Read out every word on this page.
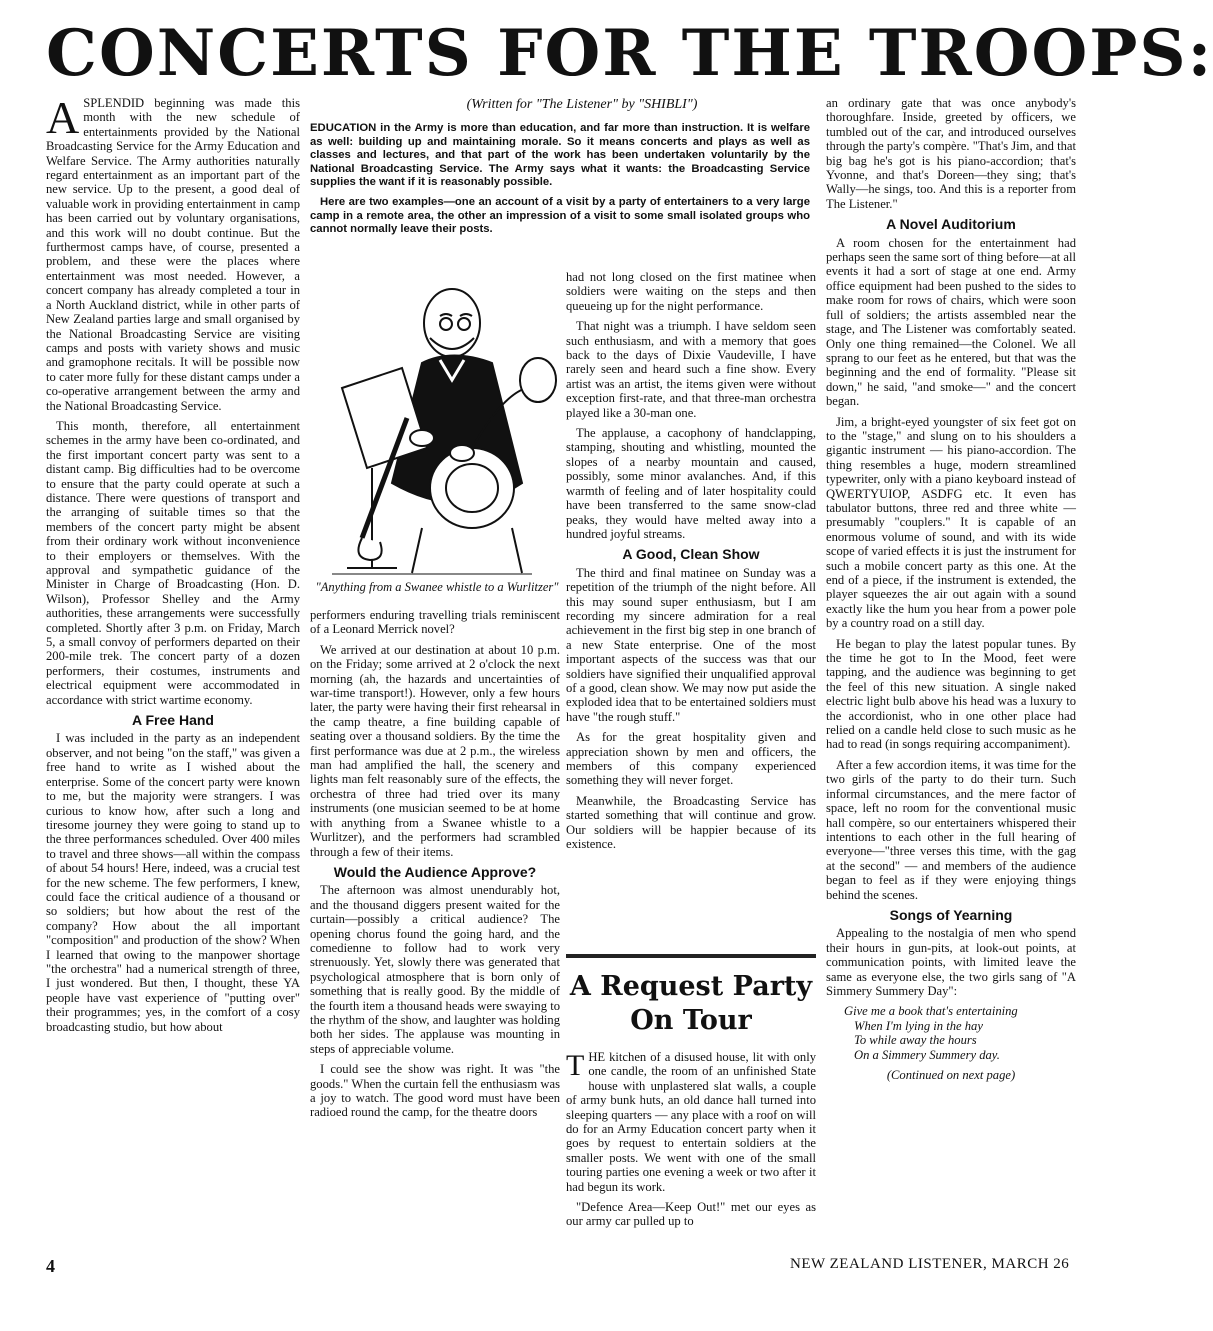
CONCERTS FOR THE TROOPS:
(Written for "The Listener" by "SHIBLI")

EDUCATION in the Army is more than education, and far more than instruction. It is welfare as well: building up and maintaining morale. So it means concerts and plays as well as classes and lectures, and that part of the work has been undertaken voluntarily by the National Broadcasting Service. The Army says what it wants: the Broadcasting Service supplies the want if it is reasonably possible.

Here are two examples—one an account of a visit by a party of entertainers to a very large camp in a remote area, the other an impression of a visit to some small isolated groups who cannot normally leave their posts.

"Anything from a Swanee whistle to a Wurlitzer"

ASPLENDID beginning was made this month with the new schedule of entertainments provided by the National Broadcasting Service for the Army Education and Welfare Service. The Army authorities naturally regard entertainment as an important part of the new service. Up to the present, a good deal of valuable work in providing entertainment in camp has been carried out by voluntary organisations, and this work will no doubt continue. But the furthermost camps have, of course, presented a problem, and these were the places where entertainment was most needed. However, a concert company has already completed a tour in a North Auckland district, while in other parts of New Zealand parties large and small organised by the National Broadcasting Service are visiting camps and posts with variety shows and music and gramophone recitals. It will be possible now to cater more fully for these distant camps under a co-operative arrangement between the army and the National Broadcasting Service.

This month, therefore, all entertainment schemes in the army have been co-ordinated, and the first important concert party was sent to a distant camp. Big difficulties had to be overcome to ensure that the party could operate at such a distance. There were questions of transport and the arranging of suitable times so that the members of the concert party might be absent from their ordinary work without inconvenience to their employers or themselves. With the approval and sympathetic guidance of the Minister in Charge of Broadcasting (Hon. D. Wilson), Professor Shelley and the Army authorities, these arrangements were successfully completed. Shortly after 3 p.m. on Friday, March 5, a small convoy of performers departed on their 200-mile trek. The concert party of a dozen performers, their costumes, instruments and electrical equipment were accommodated in accordance with strict wartime economy.

A Free Hand

I was included in the party as an independent observer, and not being "on the staff," was given a free hand to write as I wished about the enterprise. Some of the concert party were known to me, but the majority were strangers. I was curious to know how, after such a long and tiresome journey they were going to stand up to the three performances scheduled. Over 400 miles to travel and three shows—all within the compass of about 54 hours! Here, indeed, was a crucial test for the new scheme. The few performers, I knew, could face the critical audience of a thousand or so soldiers; but how about the rest of the company? How about the all important "composition" and production of the show? When I learned that owing to the manpower shortage "the orchestra" had a numerical strength of three, I just wondered. But then, I thought, these YA people have vast experience of "putting over" their programmes; yes, in the comfort of a cosy broadcasting studio, but how about

performers enduring travelling trials reminiscent of a Leonard Merrick novel?

We arrived at our destination at about 10 p.m. on the Friday; some arrived at 2 o'clock the next morning (ah, the hazards and uncertainties of war-time transport!). However, only a few hours later, the party were having their first rehearsal in the camp theatre, a fine building capable of seating over a thousand soldiers. By the time the first performance was due at 2 p.m., the wireless man had amplified the hall, the scenery and lights man felt reasonably sure of the effects, the orchestra of three had tried over its many instruments (one musician seemed to be at home with anything from a Swanee whistle to a Wurlitzer), and the performers had scrambled through a few of their items.

Would the Audience Approve?

The afternoon was almost unendurably hot, and the thousand diggers present waited for the curtain—possibly a critical audience? The opening chorus found the going hard, and the comedienne to follow had to work very strenuously. Yet, slowly there was generated that psychological atmosphere that is born only of something that is really good. By the middle of the fourth item a thousand heads were swaying to the rhythm of the show, and laughter was holding both her sides. The applause was mounting in steps of appreciable volume.

I could see the show was right. It was "the goods." When the curtain fell the enthusiasm was a joy to watch. The good word must have been radioed round the camp, for the theatre doors

had not long closed on the first matinee when soldiers were waiting on the steps and then queueing up for the night performance.

That night was a triumph. I have seldom seen such enthusiasm, and with a memory that goes back to the days of Dixie Vaudeville, I have rarely seen and heard such a fine show. Every artist was an artist, the items given were without exception first-rate, and that three-man orchestra played like a 30-man one.

The applause, a cacophony of handclapping, stamping, shouting and whistling, mounted the slopes of a nearby mountain and caused, possibly, some minor avalanches. And, if this warmth of feeling and of later hospitality could have been transferred to the same snow-clad peaks, they would have melted away into a hundred joyful streams.

A Good, Clean Show

The third and final matinee on Sunday was a repetition of the triumph of the night before. All this may sound super enthusiasm, but I am recording my sincere admiration for a real achievement in the first big step in one branch of a new State enterprise. One of the most important aspects of the success was that our soldiers have signified their unqualified approval of a good, clean show. We may now put aside the exploded idea that to be entertained soldiers must have "the rough stuff."

As for the great hospitality given and appreciation shown by men and officers, the members of this company experienced something they will never forget.

Meanwhile, the Broadcasting Service has started something that will continue and grow. Our soldiers will be happier because of its existence.

A Request Party On Tour

THE kitchen of a disused house, lit with only one candle, the room of an unfinished State house with unplastered slat walls, a couple of army bunk huts, an old dance hall turned into sleeping quarters — any place with a roof on will do for an Army Education concert party when it goes by request to entertain soldiers at the smaller posts. We went with one of the small touring parties one evening a week or two after it had begun its work.

"Defence Area—Keep Out!" met our eyes as our army car pulled up to

an ordinary gate that was once anybody's thoroughfare. Inside, greeted by officers, we tumbled out of the car, and introduced ourselves through the party's compère. "That's Jim, and that big bag he's got is his piano-accordion; that's Yvonne, and that's Doreen—they sing; that's Wally—he sings, too. And this is a reporter from The Listener."

A Novel Auditorium

A room chosen for the entertainment had perhaps seen the same sort of thing before—at all events it had a sort of stage at one end. Army office equipment had been pushed to the sides to make room for rows of chairs, which were soon full of soldiers; the artists assembled near the stage, and The Listener was comfortably seated. Only one thing remained—the Colonel. We all sprang to our feet as he entered, but that was the beginning and the end of formality. "Please sit down," he said, "and smoke—" and the concert began.

Jim, a bright-eyed youngster of six feet got on to the "stage," and slung on to his shoulders a gigantic instrument — his piano-accordion. The thing resembles a huge, modern streamlined typewriter, only with a piano keyboard instead of QWERTYUIOP, ASDFG etc. It even has tabulator buttons, three red and three white — presumably "couplers." It is capable of an enormous volume of sound, and with its wide scope of varied effects it is just the instrument for such a mobile concert party as this one. At the end of a piece, if the instrument is extended, the player squeezes the air out again with a sound exactly like the hum you hear from a power pole by a country road on a still day.

He began to play the latest popular tunes. By the time he got to In the Mood, feet were tapping, and the audience was beginning to get the feel of this new situation. A single naked electric light bulb above his head was a luxury to the accordionist, who in one other place had relied on a candle held close to such music as he had to read (in songs requiring accompaniment).

After a few accordion items, it was time for the two girls of the party to do their turn. Such informal circumstances, and the mere factor of space, left no room for the conventional music hall compère, so our entertainers whispered their intentions to each other in the full hearing of everyone—"three verses this time, with the gag at the second" — and members of the audience began to feel as if they were enjoying things behind the scenes.

Songs of Yearning

Appealing to the nostalgia of men who spend their hours in gun-pits, at look-out points, at communication points, with limited leave the same as everyone else, the two girls sang of "A Simmery Summery Day":

Give me a book that's entertaining
When I'm lying in the hay
To while away the hours
On a Simmery Summery day.

(Continued on next page)

4	NEW ZEALAND LISTENER, MARCH 26
